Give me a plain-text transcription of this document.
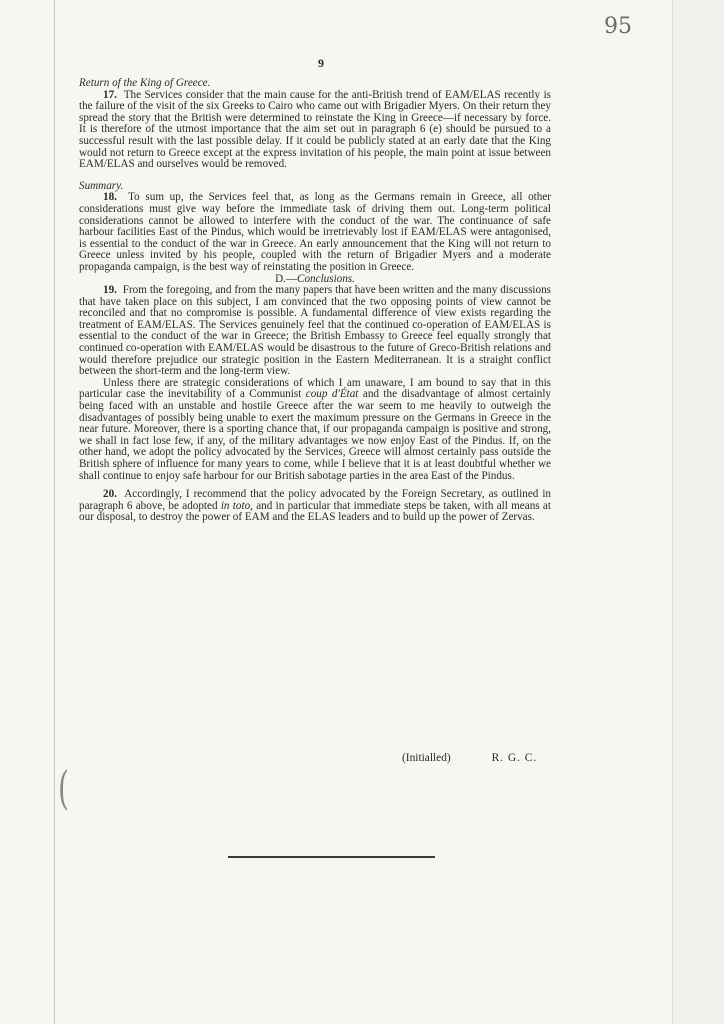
95
9

Return of the King of Greece.

17. The Services consider that the main cause for the anti-British trend of EAM/ELAS recently is the failure of the visit of the six Greeks to Cairo who came out with Brigadier Myers. On their return they spread the story that the British were determined to reinstate the King in Greece—if necessary by force. It is therefore of the utmost importance that the aim set out in paragraph 6 (e) should be pursued to a successful result with the last possible delay. If it could be publicly stated at an early date that the King would not return to Greece except at the express invitation of his people, the main point at issue between EAM/ELAS and ourselves would be removed.

Summary.

18. To sum up, the Services feel that, as long as the Germans remain in Greece, all other considerations must give way before the immediate task of driving them out. Long-term political considerations cannot be allowed to interfere with the conduct of the war. The continuance of safe harbour facilities East of the Pindus, which would be irretrievably lost if EAM/ELAS were antagonised, is essential to the conduct of the war in Greece. An early announcement that the King will not return to Greece unless invited by his people, coupled with the return of Brigadier Myers and a moderate propaganda campaign, is the best way of reinstating the position in Greece.

D.—Conclusions.

19. From the foregoing, and from the many papers that have been written and the many discussions that have taken place on this subject, I am convinced that the two opposing points of view cannot be reconciled and that no compromise is possible. A fundamental difference of view exists regarding the treatment of EAM/ELAS. The Services genuinely feel that the continued co-operation of EAM/ELAS is essential to the conduct of the war in Greece; the British Embassy to Greece feel equally strongly that continued co-operation with EAM/ELAS would be disastrous to the future of Greco-British relations and would therefore prejudice our strategic position in the Eastern Mediterranean. It is a straight conflict between the short-term and the long-term view.

Unless there are strategic considerations of which I am unaware, I am bound to say that in this particular case the inevitability of a Communist coup d'État and the disadvantage of almost certainly being faced with an unstable and hostile Greece after the war seem to me heavily to outweigh the disadvantages of possibly being unable to exert the maximum pressure on the Germans in Greece in the near future. Moreover, there is a sporting chance that, if our propaganda campaign is positive and strong, we shall in fact lose few, if any, of the military advantages we now enjoy East of the Pindus. If, on the other hand, we adopt the policy advocated by the Services, Greece will almost certainly pass outside the British sphere of influence for many years to come, while I believe that it is at least doubtful whether we shall continue to enjoy safe harbour for our British sabotage parties in the area East of the Pindus.

20. Accordingly, I recommend that the policy advocated by the Foreign Secretary, as outlined in paragraph 6 above, be adopted in toto, and in particular that immediate steps be taken, with all means at our disposal, to destroy the power of EAM and the ELAS leaders and to build up the power of Zervas.

(Initialled)	R. G. C.
(
